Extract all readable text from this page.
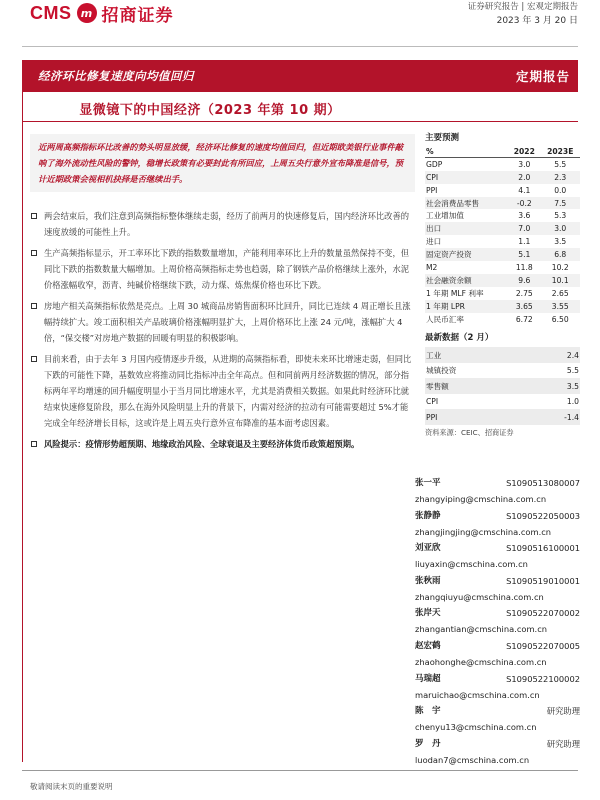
CMS m 招商证券	证券研究报告 | 宏观定期报告
2023 年 3 月 20 日
经济环比修复速度向均值回归	定期报告
显微镜下的中国经济（2023 年第 10 期）
近两周高频指标环比改善的势头明显放缓，经济环比修复的速度均值回归，但近期欧美银行业事件敲响了海外流动性风险的警钟，稳增长政策有必要封此有所回应，上周五央行意外宣布降准是信号，预计近期政策会视相机抉择是否继续出手。
两会结束后，我们注意到高频指标整体继续走弱，经历了前两月的快速修复后，国内经济环比改善的速度放缓的可能性上升。
生产高频指标显示，开工率环比下跌的指数数量增加，产能利用率环比上升的数量虽然保持不变，但同比下跌的指数数量大幅增加。上周价格高频指标走势也趋弱，除了钢铁产品价格继续上涨外，水泥价格涨幅收窄，沥青、纯碱价格继续下跌，动力煤、炼焦煤价格也环比下跌。
房地产相关高频指标依然是亮点。上周 30 城商品房销售面积环比回升，同比已连续 4 周正增长且涨幅持续扩大。竣工面积相关产品玻璃价格涨幅明显扩大，上周价格环比上涨 24 元/吨，涨幅扩大 4 倍，“保交楼”对房地产数据的回暖有明显的积极影响。
目前来看，由于去年 3 月国内疫情逐步升级，从进期的高频指标看，即使未来环比增速走弱，但同比下跌的可能性下降，基数效应将推动同比指标冲击全年高点。但和同前两月经济数据的情况，部分指标两年平均增速的回升幅度明显小于当月同比增速水平，尤其是消费相关数据。如果此时经济环比就结束快速修复阶段，那么在海外风险明显上升的背景下，内需对经济的拉动有可能需要超过 5%才能完成全年经济增长目标，这或许是上周五央行意外宣布降准的基本面考虑因素。
风险提示：疫情形势超预期、地缘政治风险、全球衰退及主要经济体货币政策超预期。
主要预测
%	2022	2023E
GDP	3.0	5.5
CPI	2.0	2.3
PPI	4.1	0.0
社会消费品零售	-0.2	7.5
工业增加值	3.6	5.3
出口	7.0	3.0
进口	1.1	3.5
固定资产投资	5.1	6.8
M2	11.8	10.2
社会融资余额	9.6	10.1
1 年期 MLF 利率	2.75	2.65
1 年期 LPR	3.65	3.55
人民币汇率	6.72	6.50
最新数据（2 月）
工业	2.4
城镇投资	5.5
零售额	3.5
CPI	1.0
PPI	-1.4
资料来源：CEIC、招商证券
张一平	S1090513080007
zhangyiping@cmschina.com.cn
张静静	S1090522050003
zhangjingjing@cmschina.com.cn
刘亚欣	S1090516100001
liuyaxin@cmschina.com.cn
张秋雨	S1090519010001
zhangqiuyu@cmschina.com.cn
张岸天	S1090522070002
zhangantian@cmschina.com.cn
赵宏鹤	S1090522070005
zhaohonghe@cmschina.com.cn
马瑞超	S1090522100002
maruichao@cmschina.com.cn
陈　宇	研究助理
chenyu13@cmschina.com.cn
罗　丹	研究助理
luodan7@cmschina.com.cn
敬请阅读末页的重要说明
